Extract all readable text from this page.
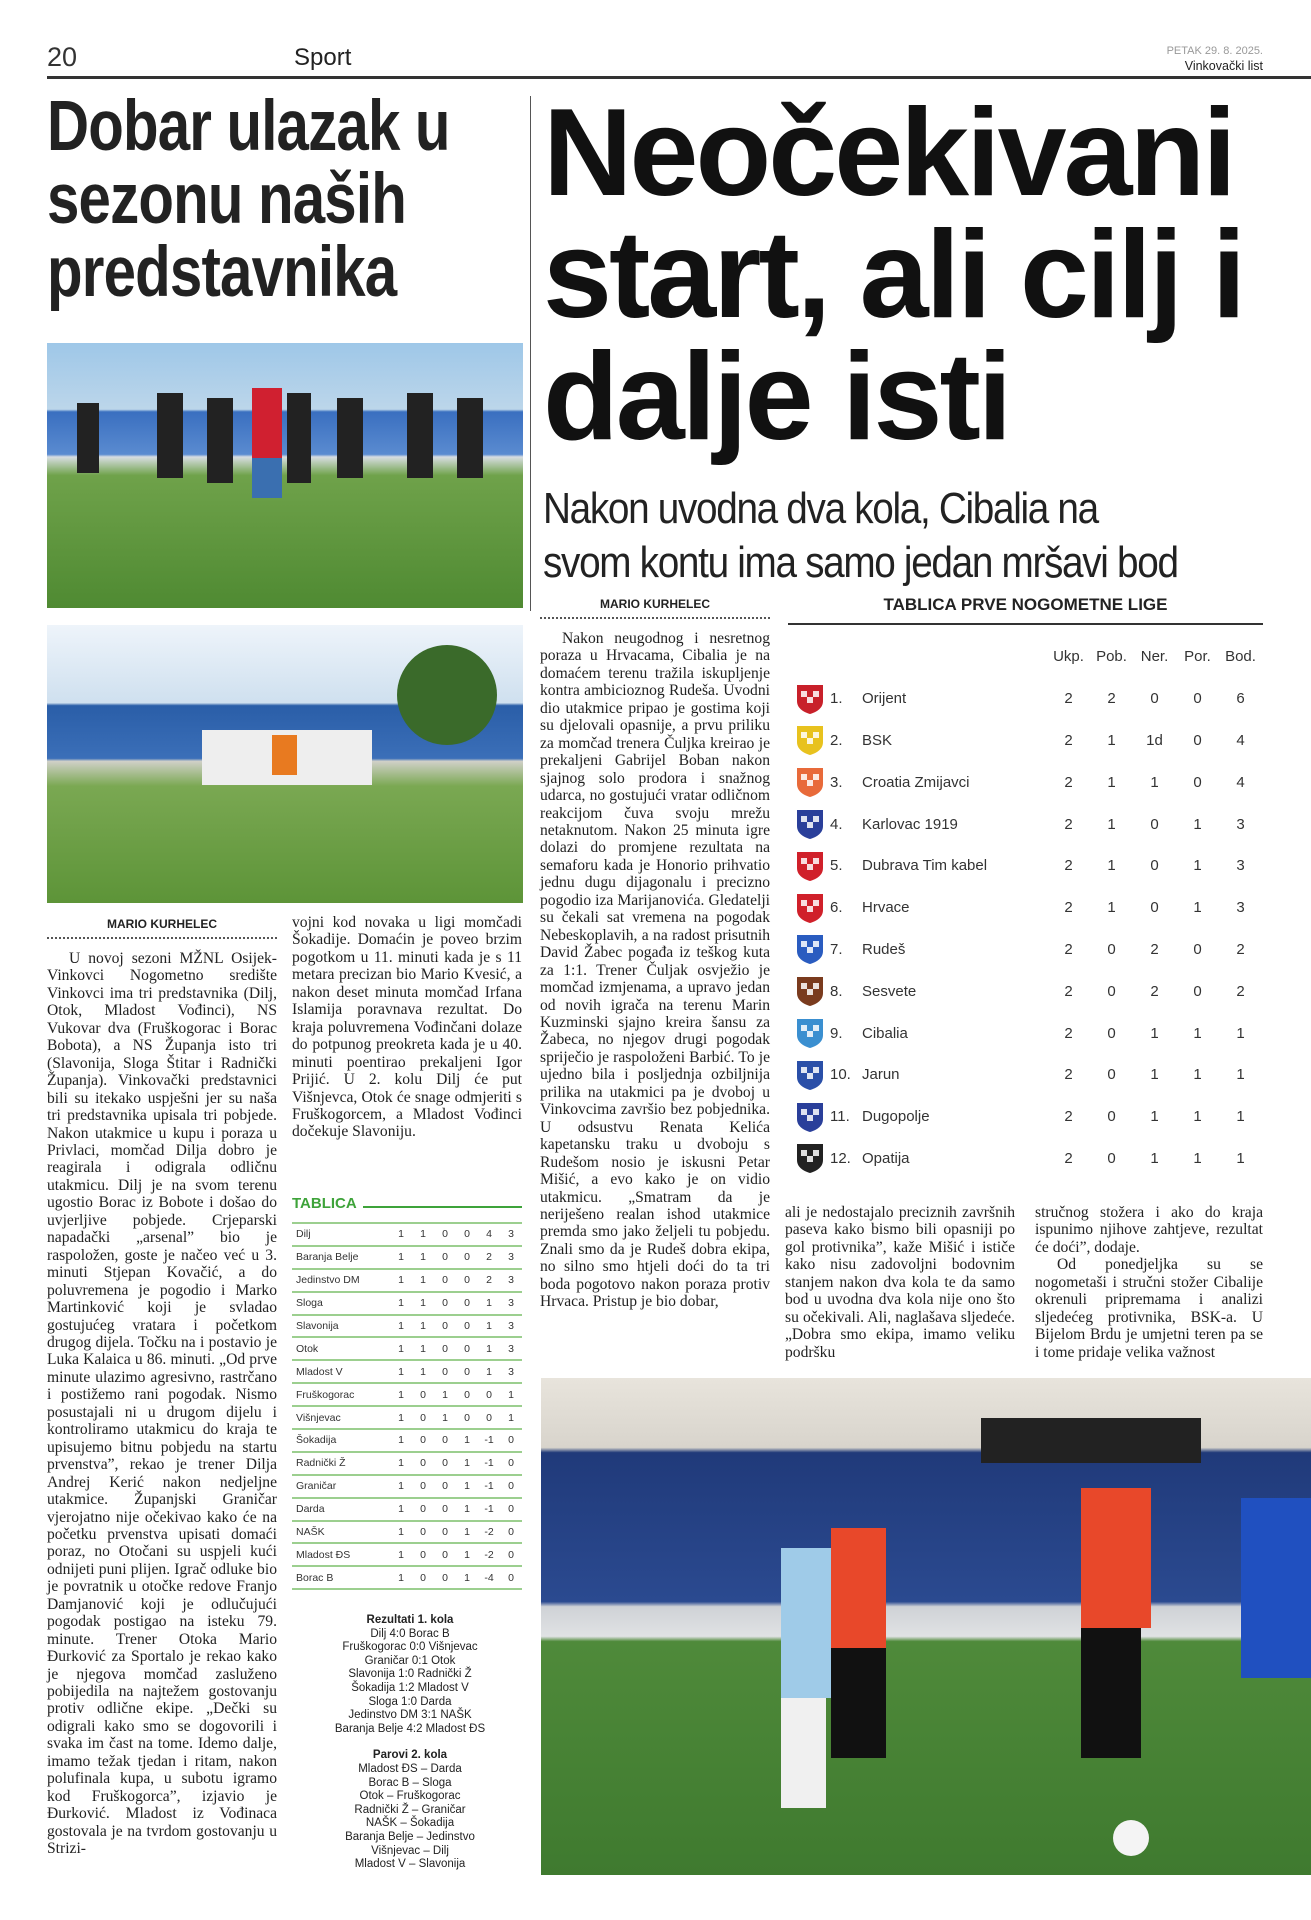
20	Sport	PETAK 29. 8. 2025.
Vinkovački list
Dobar ulazak u sezonu naših predstavnika
MARIO KURHELEC

U novoj sezoni MŽNL Osijek-Vinkovci Nogometno središte Vinkovci ima tri predstavnika (Dilj, Otok, Mladost Vođinci), NS Vukovar dva (Fruškogorac i Borac Bobota), a NS Županja isto tri (Slavonija, Sloga Štitar i Radnički Županja). Vinkovački predstavnici bili su itekako uspješni jer su naša tri predstavnika upisala tri pobjede. Nakon utakmice u kupu i poraza u Privlaci, momčad Dilja dobro je reagirala i odigrala odličnu utakmicu. Dilj je na svom terenu ugostio Borac iz Bobote i došao do uvjerljive pobjede. Crjeparski napadački „arsenal” bio je raspoložen, goste je načeo već u 3. minuti Stjepan Kovačić, a do poluvremena je pogodio i Marko Martinković koji je svladao gostujućeg vratara i početkom drugog dijela. Točku na i postavio je Luka Kalaica u 86. minuti. „Od prve minute ulazimo agresivno, rastrčano i postižemo rani pogodak. Nismo posustajali ni u drugom dijelu i kontroliramo utakmicu do kraja te upisujemo bitnu pobjedu na startu prvenstva”, rekao je trener Dilja Andrej Kerić nakon nedjeljne utakmice. Županjski Graničar vjerojatno nije očekivao kako će na početku prvenstva upisati domaći poraz, no Otočani su uspjeli kući odnijeti puni plijen. Igrač odluke bio je povratnik u otočke redove Franjo Damjanović koji je odlučujući pogodak postigao na isteku 79. minute. Trener Otoka Mario Đurković za Sportalo je rekao kako je njegova momčad zasluženo pobijedila na najtežem gostovanju protiv odlične ekipe. „Dečki su odigrali kako smo se dogovorili i svaka im čast na tome. Idemo dalje, imamo težak tjedan i ritam, nakon polufinala kupa, u subotu igramo kod Fruškogorca”, izjavio je Đurković. Mladost iz Vođinaca gostovala je na tvrdom gostovanju u Strizi-

vojni kod novaka u ligi momčadi Šokadije. Domaćin je poveo brzim pogotkom u 11. minuti kada je s 11 metara precizan bio Mario Kvesić, a nakon deset minuta momčad Irfana Islamija poravnava rezultat. Do kraja poluvremena Vođinčani dolaze do potpunog preokreta kada je u 40. minuti poentirao prekaljeni Igor Prijić. U 2. kolu Dilj će put Višnjevca, Otok će snage odmjeriti s Fruškogorcem, a Mladost Vođinci dočekuje Slavoniju.

TABLICA
Dilj	1	1	0	0	4	3
Baranja Belje	1	1	0	0	2	3
Jedinstvo DM	1	1	0	0	2	3
Sloga	1	1	0	0	1	3
Slavonija	1	1	0	0	1	3
Otok	1	1	0	0	1	3
Mladost V	1	1	0	0	1	3
Fruškogorac	1	0	1	0	0	1
Višnjevac	1	0	1	0	0	1
Šokadija	1	0	0	1	-1	0
Radnički Ž	1	0	0	1	-1	0
Graničar	1	0	0	1	-1	0
Darda	1	0	0	1	-1	0
NAŠK	1	0	0	1	-2	0
Mladost ĐS	1	0	0	1	-2	0
Borac B	1	0	0	1	-4	0
Rezultati 1. kola
Dilj 4:0 Borac B
Fruškogorac 0:0 Višnjevac
Graničar 0:1 Otok
Slavonija 1:0 Radnički Ž
Šokadija 1:2 Mladost V
Sloga 1:0 Darda
Jedinstvo DM 3:1 NAŠK
Baranja Belje 4:2 Mladost ĐS
Parovi 2. kola
Mladost ĐS – Darda
Borac B – Sloga
Otok – Fruškogorac
Radnički Ž – Graničar
NAŠK – Šokadija
Baranja Belje – Jedinstvo
Višnjevac – Dilj
Mladost V – Slavonija
Neočekivani start, ali cilj i dalje isti
Nakon uvodna dva kola, Cibalia na svom kontu ima samo jedan mršavi bod
MARIO KURHELEC

Nakon neugodnog i nesretnog poraza u Hrvacama, Cibalia je na domaćem terenu tražila iskupljenje kontra ambicioznog Rudeša. Uvodni dio utakmice pripao je gostima koji su djelovali opasnije, a prvu priliku za momčad trenera Čuljka kreirao je prekaljeni Gabrijel Boban nakon sjajnog solo prodora i snažnog udarca, no gostujući vratar odličnom reakcijom čuva svoju mrežu netaknutom. Nakon 25 minuta igre dolazi do promjene rezultata na semaforu kada je Honorio prihvatio jednu dugu dijagonalu i precizno pogodio iza Marijanovića. Gledatelji su čekali sat vremena na pogodak Nebeskoplavih, a na radost prisutnih David Žabec pogađa iz teškog kuta za 1:1. Trener Čuljak osvježio je momčad izmjenama, a upravo jedan od novih igrača na terenu Marin Kuzminski sjajno kreira šansu za Žabeca, no njegov drugi pogodak spriječio je raspoloženi Barbić. To je ujedno bila i posljednja ozbiljnija prilika na utakmici pa je dvoboj u Vinkovcima završio bez pobjednika. U odsustvu Renata Kelića kapetansku traku u dvoboju s Rudešom nosio je iskusni Petar Mišić, a evo kako je on vidio utakmicu. „Smatram da je neriješeno realan ishod utakmice premda smo jako željeli tu pobjedu. Znali smo da je Rudeš dobra ekipa, no silno smo htjeli doći do ta tri boda pogotovo nakon poraza protiv Hrvaca. Pristup je bio dobar,

ali je nedostajalo preciznih završnih paseva kako bismo bili opasniji po gol protivnika”, kaže Mišić i ističe kako nisu zadovoljni bodovnim stanjem nakon dva kola te da samo bod u uvodna dva kola nije ono što su očekivali. Ali, naglašava sljedeće. „Dobra smo ekipa, imamo veliku podršku

stručnog stožera i ako do kraja ispunimo njihove zahtjeve, rezultat će doći”, dodaje.

Od ponedjeljka su se nogometaši i stručni stožer Cibalije okrenuli pripremama i analizi sljedećeg protivnika, BSK-a. U Bijelom Brdu je umjetni teren pa se i tome pridaje velika važnost

TABLICA PRVE NOGOMETNE LIGE
			Ukp.	Pob.	Ner.	Por.	Bod.

	1.	Orijent	2	2	0	0	6

	2.	BSK	2	1	1d	0	4

	3.	Croatia Zmijavci	2	1	1	0	4

	4.	Karlovac 1919	2	1	0	1	3

	5.	Dubrava Tim kabel	2	1	0	1	3

	6.	Hrvace	2	1	0	1	3

	7.	Rudeš	2	0	2	0	2

	8.	Sesvete	2	0	2	0	2

	9.	Cibalia	2	0	1	1	1

	10.	Jarun	2	0	1	1	1

	11.	Dugopolje	2	0	1	1	1

	12.	Opatija	2	0	1	1	1
